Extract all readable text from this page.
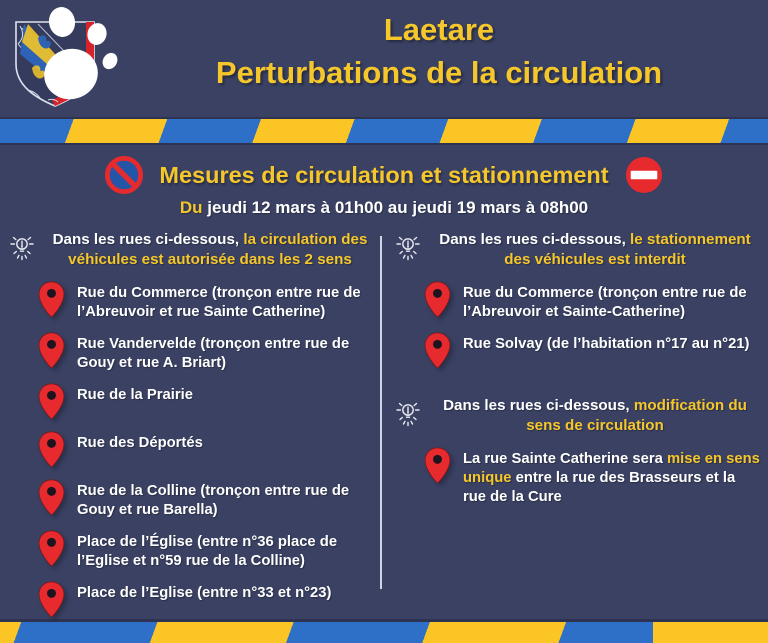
Laetare
Perturbations de la circulation
Mesures de circulation et stationnement
Du jeudi 12 mars à 01h00 au jeudi 19 mars à 08h00
Dans les rues ci-dessous, la circulation des véhicules est autorisée dans les 2 sens
Rue du Commerce (tronçon entre rue de l’Abreuvoir et rue Sainte Catherine)
Rue Vandervelde (tronçon entre rue de Gouy et rue A. Briart)
Rue de la Prairie
Rue des Déportés
Rue de la Colline (tronçon entre rue de Gouy et rue Barella)
Place de l’Église (entre n°36 place de l’Eglise et n°59 rue de la Colline)
Place de l’Eglise (entre n°33 et n°23)
Dans les rues ci-dessous, le stationnement des véhicules est interdit
Rue du Commerce (tronçon entre rue de l’Abreuvoir et Sainte-Catherine)
Rue Solvay (de l’habitation n°17 au n°21)
Dans les rues ci-dessous, modification du sens de circulation
La rue Sainte Catherine sera mise en sens unique entre la rue des Brasseurs et la rue de la Cure
